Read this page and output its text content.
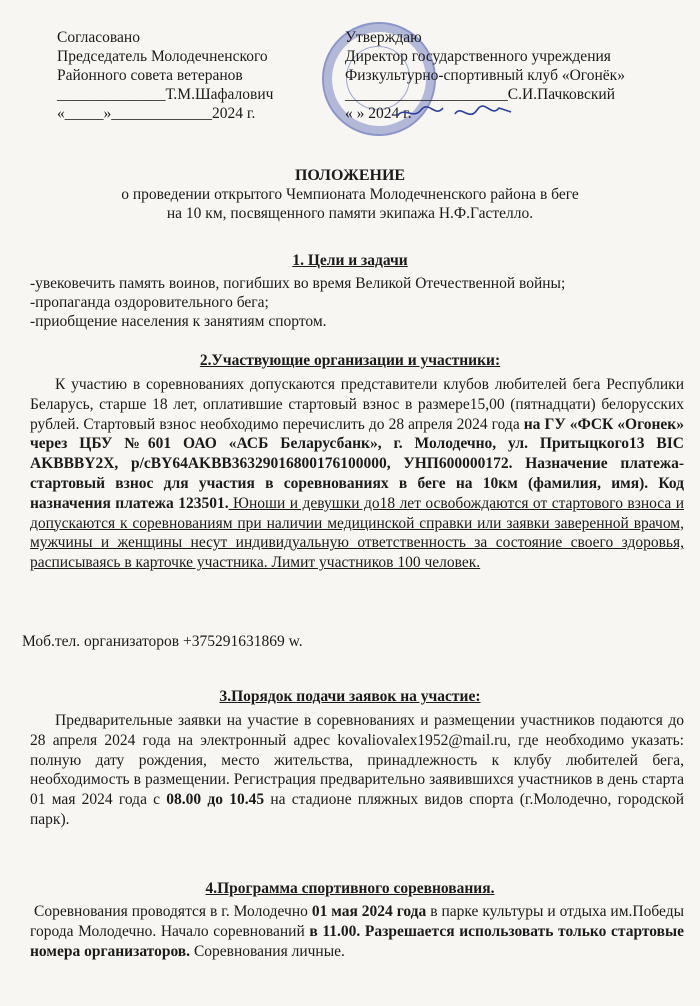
Согласовано
Председатель Молодечненского
Районного совета ветеранов
______________Т.М.Шафалович
«_____»_____________2024 г.
Утверждаю
Директор государственного учреждения
Физкультурно-спортивный клуб «Огонёк»
_____________________С.И.Пачковский
« » 2024 г.
ПОЛОЖЕНИЕ
о проведении открытого Чемпионата Молодечненского района в беге
на 10 км, посвященного памяти экипажа Н.Ф.Гастелло.
1. Цели и задачи
-увековечить память воинов, погибших во время Великой Отечественной войны;
-пропаганда оздоровительного бега;
-приобщение населения к занятиям спортом.
2.Участвующие организации и участники:
К участию в соревнованиях допускаются представители клубов любителей бега Республики Беларусь, старше 18 лет, оплатившие стартовый взнос в размере15,00 (пятнадцати) белорусских рублей. Стартовый взнос необходимо перечислить до 28 апреля 2024 года на ГУ «ФСК «Огонек» через ЦБУ №601 ОАО «АСБ Беларусбанк», г. Молодечно, ул. Притыцкого13 BIC AKBBBY2X, р/сBY64AKBB36329016800176100000, УНП600000172. Назначение платежа-стартовый взнос для участия в соревнованиях в беге на 10км (фамилия, имя). Код назначения платежа 123501. Юноши и девушки до18 лет освобождаются от стартового взноса и допускаются к соревнованиям при наличии медицинской справки или заявки заверенной врачом, мужчины и женщины несут индивидуальную ответственность за состояние своего здоровья, расписываясь в карточке участника. Лимит участников 100 человек.
Моб.тел. организаторов +375291631869 w.
3.Порядок подачи заявок на участие:
Предварительные заявки на участие в соревнованиях и размещении участников подаются до 28 апреля 2024 года на электронный адрес kovaliovalex1952@mail.ru, где необходимо указать: полную дату рождения, место жительства, принадлежность к клубу любителей бега, необходимость в размещении. Регистрация предварительно заявившихся участников в день старта 01 мая 2024 года с 08.00 до 10.45 на стадионе пляжных видов спорта (г.Молодечно, городской парк).
4.Программа спортивного соревнования.
Соревнования проводятся в г. Молодечно 01 мая 2024 года в парке культуры и отдыха им.Победы города Молодечно. Начало соревнований в 11.00. Разрешается использовать только стартовые номера организаторов. Соревнования личные.
